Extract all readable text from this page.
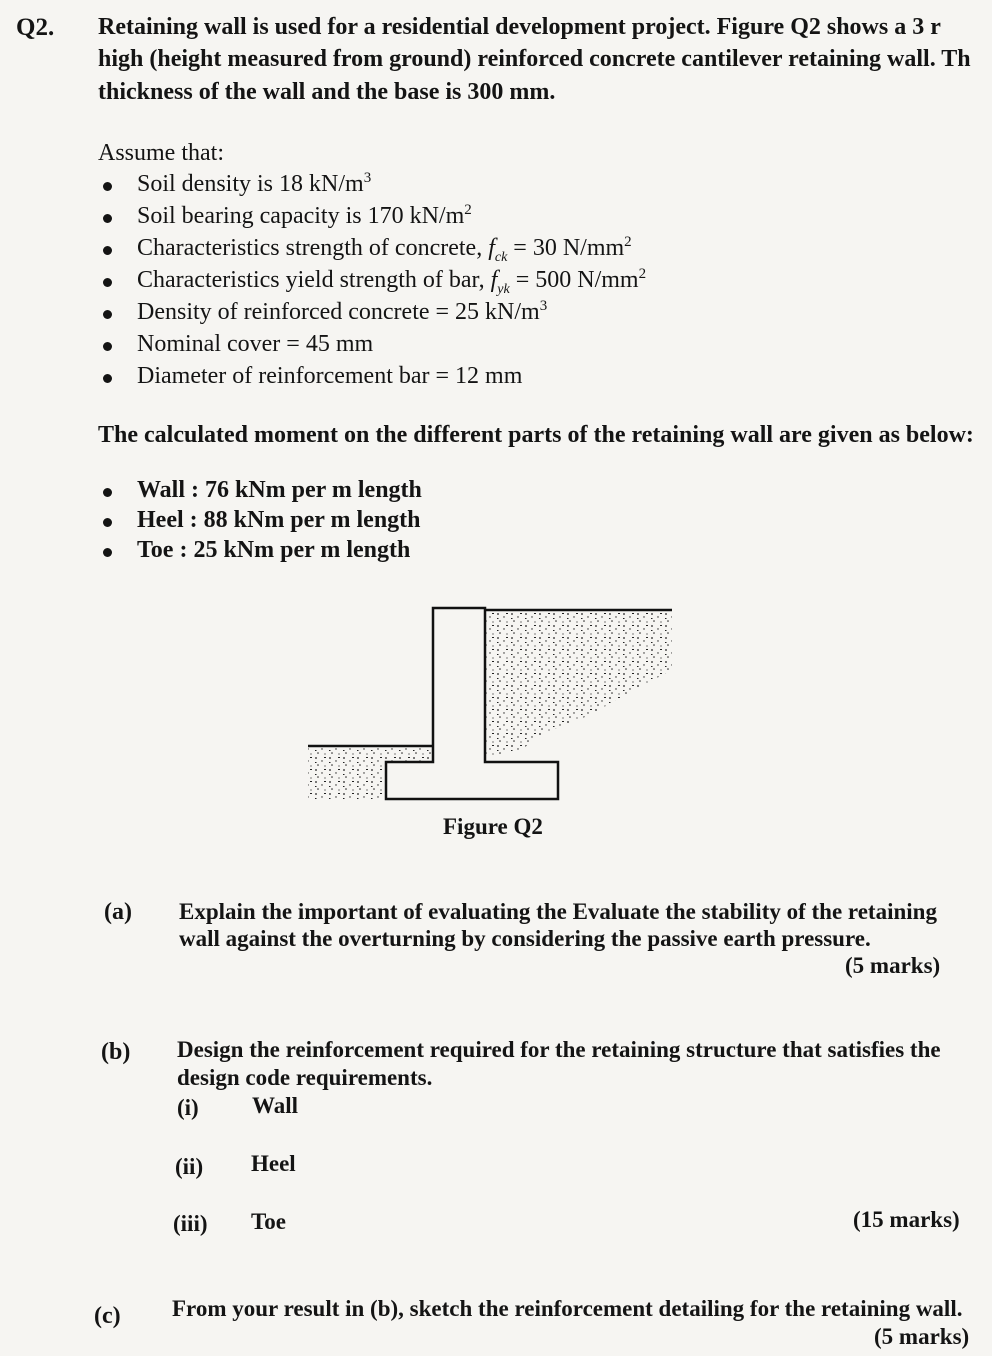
Q2. Retaining wall is used for a residential development project. Figure Q2 shows a 3 r
high (height measured from ground) reinforced concrete cantilever retaining wall. Th
thickness of the wall and the base is 300 mm.
Assume that:
Soil density is 18 $kN/m^3$
Soil bearing capacity is 170 $kN/m^2$
Characteristics strength of concrete, $f_{ck} = 30$ $N/mm^2$
Characteristics yield strength of bar, $f_{yk} = 500$ $N/mm^2$
Density of reinforced concrete = 25 $kN/m^3$
Nominal cover = 45 mm
Diameter of reinforcement bar = 12 mm
The calculated moment on the different parts of the retaining wall are given as below:
Wall : 76 kNm per m length
Heel : 88 kNm per m length
Toe : 25 kNm per m length
Figure Q2
(a) Explain the important of evaluating the Evaluate the stability of the retaining
wall against the overturning by considering the passive earth pressure.
(5 marks)
(b) Design the reinforcement required for the retaining structure that satisfies the
design code requirements.
(i) Wall
(ii) Heel
(iii) Toe	(15 marks)
(c) From your result in (b), sketch the reinforcement detailing for the retaining wall.
(5 marks)
